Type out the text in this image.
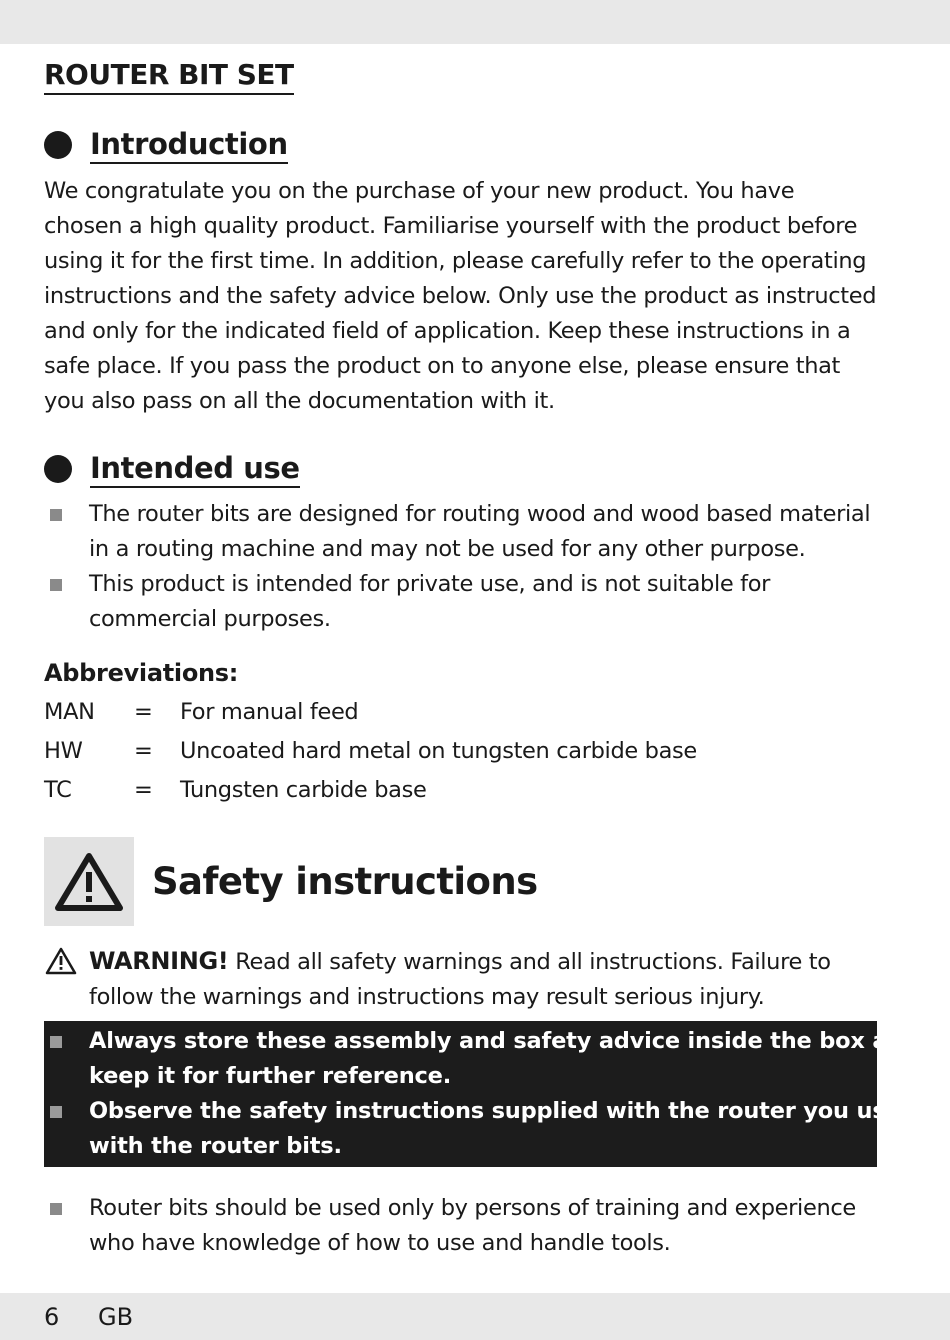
ROUTER BIT SET
Introduction

We congratulate you on the purchase of your new product. You have

chosen a high quality product. Familiarise yourself with the product before

using it for the first time. In addition, please carefully refer to the operating

instructions and the safety advice below. Only use the product as instructed

and only for the indicated field of application. Keep these instructions in a

safe place. If you pass the product on to anyone else, please ensure that

you also pass on all the documentation with it.

Intended use

The router bits are designed for routing wood and wood based material

in a routing machine and may not be used for any other purpose.

This product is intended for private use, and is not suitable for

commercial purposes.

Abbreviations:
MAN	=	For manual feed
HW	=	Uncoated hard metal on tungsten carbide base
TC	=	Tungsten carbide base
Safety instructions

WARNING! Read all safety warnings and all instructions. Failure to

follow the warnings and instructions may result serious injury.

Always store these assembly and safety advice inside the box and

keep it for further reference.

Observe the safety instructions supplied with the router you use

with the router bits.

Router bits should be used only by persons of training and experience

who have knowledge of how to use and handle tools.

6 GB
